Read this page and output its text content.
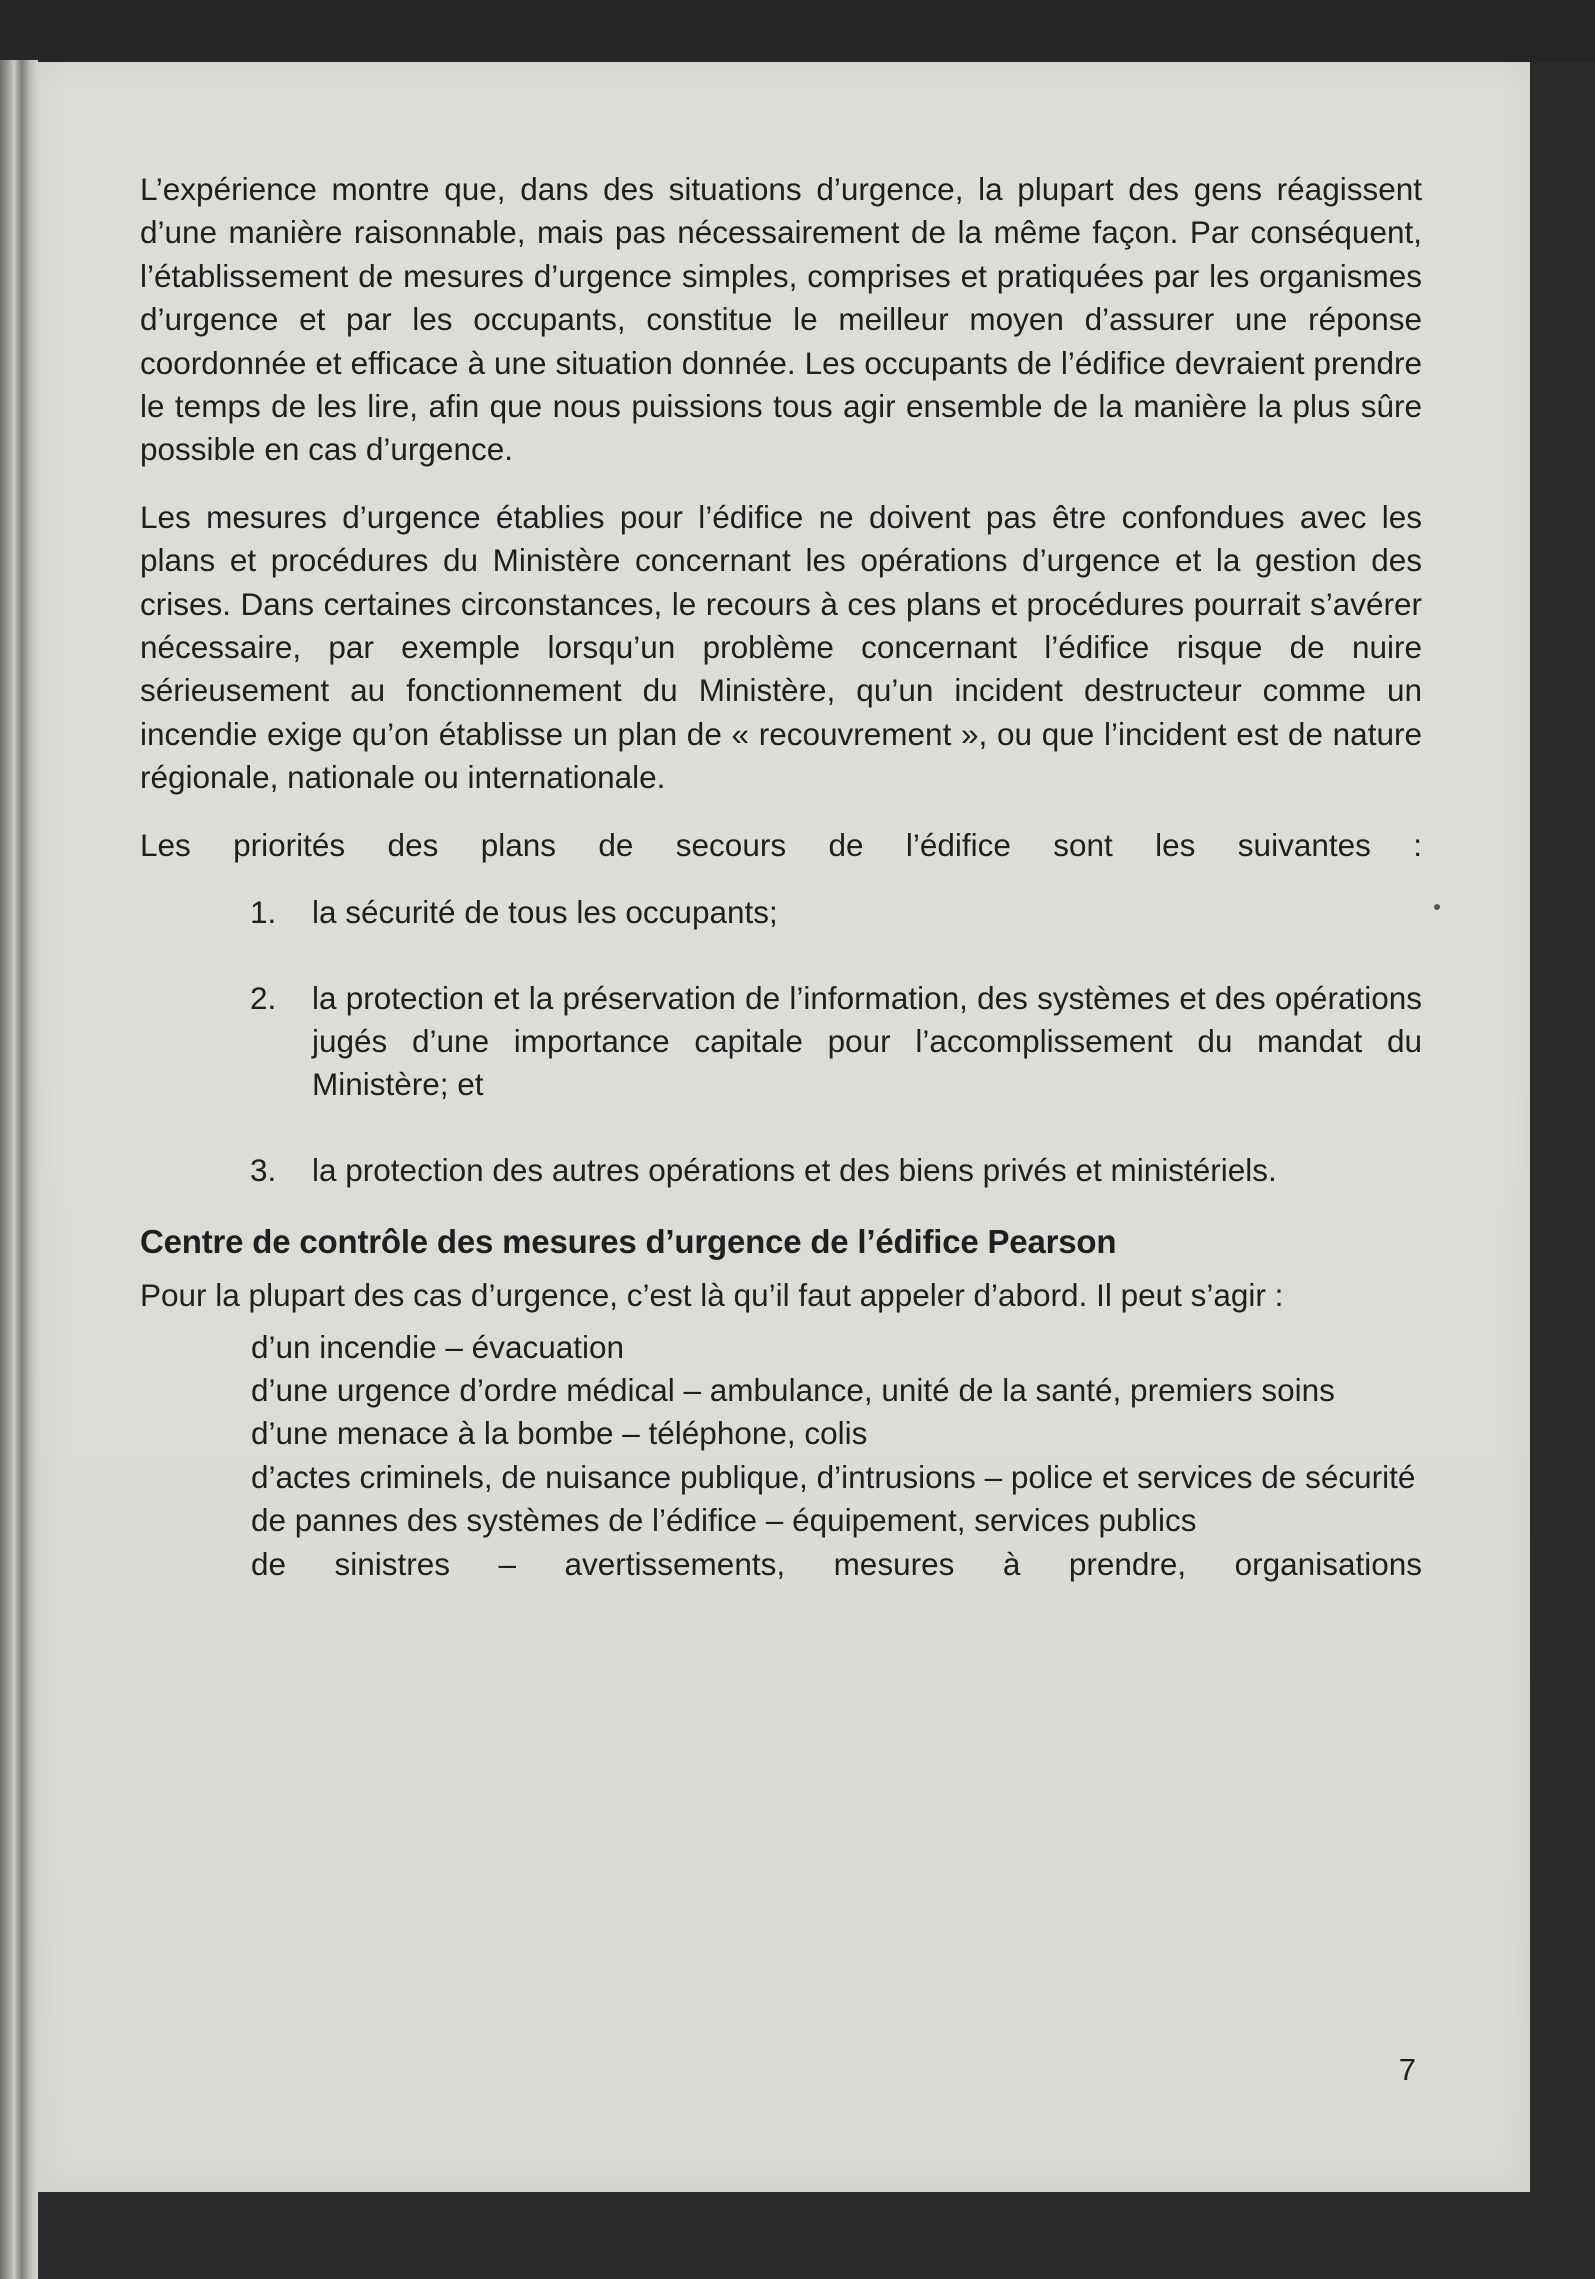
L’expérience montre que, dans des situations d’urgence, la plupart des gens réagissent d’une manière raisonnable, mais pas nécessairement de la même façon. Par conséquent, l’établissement de mesures d’urgence simples, comprises et pratiquées par les organismes d’urgence et par les occupants, constitue le meilleur moyen d’assurer une réponse coordonnée et efficace à une situation donnée. Les occupants de l’édifice devraient prendre le temps de les lire, afin que nous puissions tous agir ensemble de la manière la plus sûre possible en cas d’urgence.

Les mesures d’urgence établies pour l’édifice ne doivent pas être confondues avec les plans et procédures du Ministère concernant les opérations d’urgence et la gestion des crises. Dans certaines circonstances, le recours à ces plans et procédures pourrait s’avérer nécessaire, par exemple lorsqu’un problème concernant l’édifice risque de nuire sérieusement au fonctionnement du Ministère, qu’un incident destructeur comme un incendie exige qu’on établisse un plan de « recouvrement », ou que l’incident est de nature régionale, nationale ou internationale.

Les priorités des plans de secours de l’édifice sont les suivantes :

1. la sécurité de tous les occupants;
2. la protection et la préservation de l’information, des systèmes et des opérations jugés d’une importance capitale pour l’accomplissement du mandat du Ministère; et
3. la protection des autres opérations et des biens privés et ministériels.
Centre de contrôle des mesures d’urgence de l’édifice Pearson

Pour la plupart des cas d’urgence, c’est là qu’il faut appeler d’abord. Il peut s’agir :

d’un incendie – évacuation
d’une urgence d’ordre médical – ambulance, unité de la santé, premiers soins
d’une menace à la bombe – téléphone, colis
d’actes criminels, de nuisance publique, d’intrusions – police et services de sécurité
de pannes des systèmes de l’édifice – équipement, services publics
de sinistres – avertissements, mesures à prendre, organisations
7
